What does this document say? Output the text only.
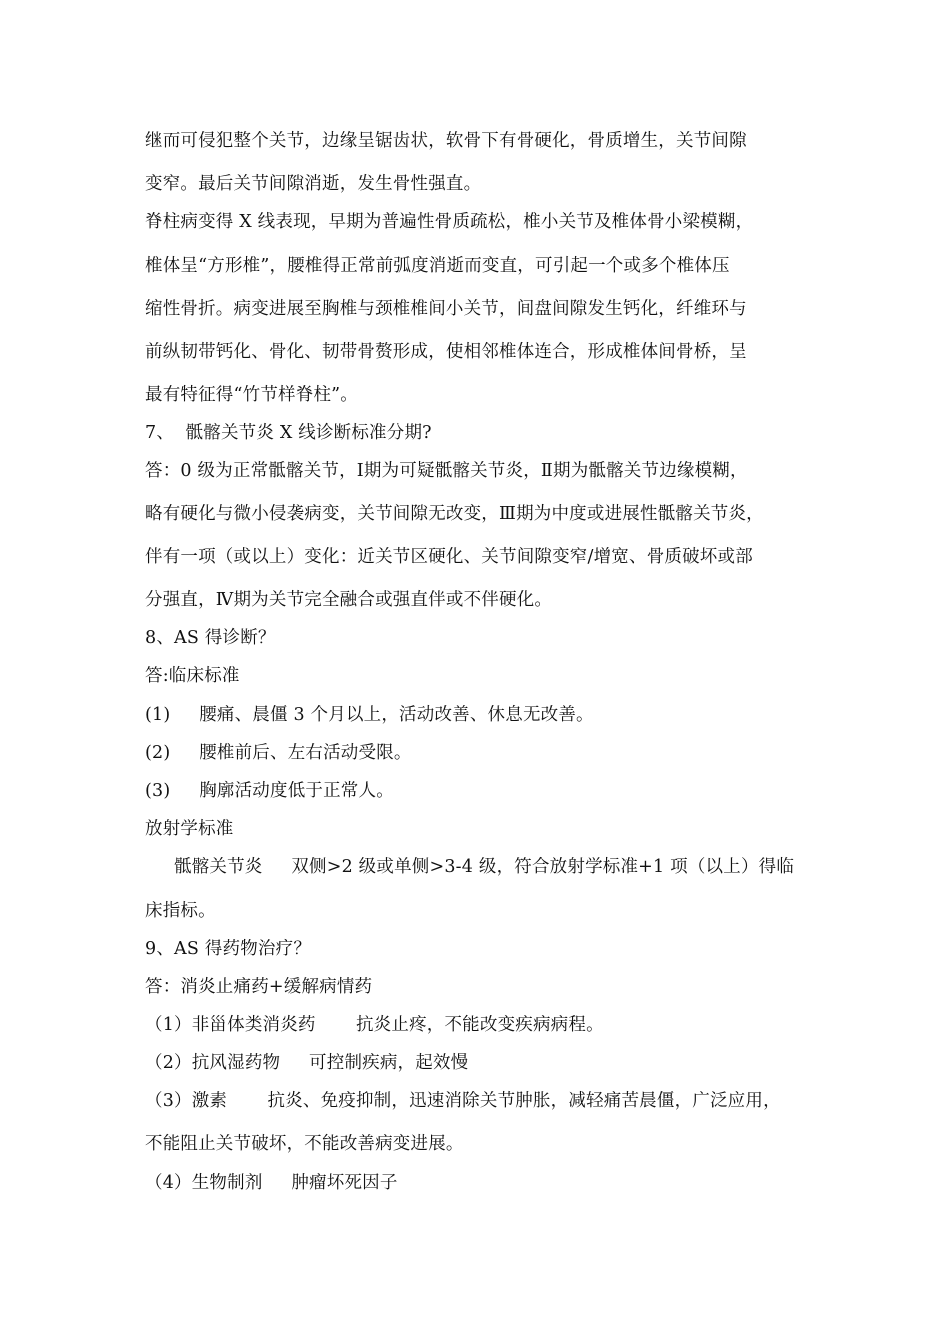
继而可侵犯整个关节，边缘呈锯齿状，软骨下有骨硬化，骨质增生，关节间隙
变窄。最后关节间隙消逝，发生骨性强直。
脊柱病变得 X 线表现，早期为普遍性骨质疏松，椎小关节及椎体骨小梁模糊，
椎体呈“方形椎”，腰椎得正常前弧度消逝而变直，可引起一个或多个椎体压
缩性骨折。病变进展至胸椎与颈椎椎间小关节，间盘间隙发生钙化，纤维环与
前纵韧带钙化、骨化、韧带骨赘形成，使相邻椎体连合，形成椎体间骨桥，呈
最有特征得“竹节样脊柱”。
7、  骶髂关节炎 X 线诊断标准分期?
答：0 级为正常骶髂关节，Ⅰ期为可疑骶髂关节炎，Ⅱ期为骶髂关节边缘模糊，
略有硬化与微小侵袭病变，关节间隙无改变，Ⅲ期为中度或进展性骶髂关节炎，
伴有一项（或以上）变化：近关节区硬化、关节间隙变窄/增宽、骨质破坏或部
分强直，Ⅳ期为关节完全融合或强直伴或不伴硬化。
8、AS 得诊断？
答:临床标准
(1)     腰痛、晨僵 3 个月以上，活动改善、休息无改善。
(2)     腰椎前后、左右活动受限。
(3)     胸廓活动度低于正常人。
放射学标准
骶髂关节炎     双侧>2 级或单侧>3-4 级，符合放射学标准+1 项（以上）得临
床指标。
9、AS 得药物治疗？
答：消炎止痛药+缓解病情药
（1）非甾体类消炎药       抗炎止疼，不能改变疾病病程。
（2）抗风湿药物     可控制疾病，起效慢
（3）激素       抗炎、免疫抑制，迅速消除关节肿胀，减轻痛苦晨僵，广泛应用，
不能阻止关节破坏，不能改善病变进展。
（4）生物制剂     肿瘤坏死因子
